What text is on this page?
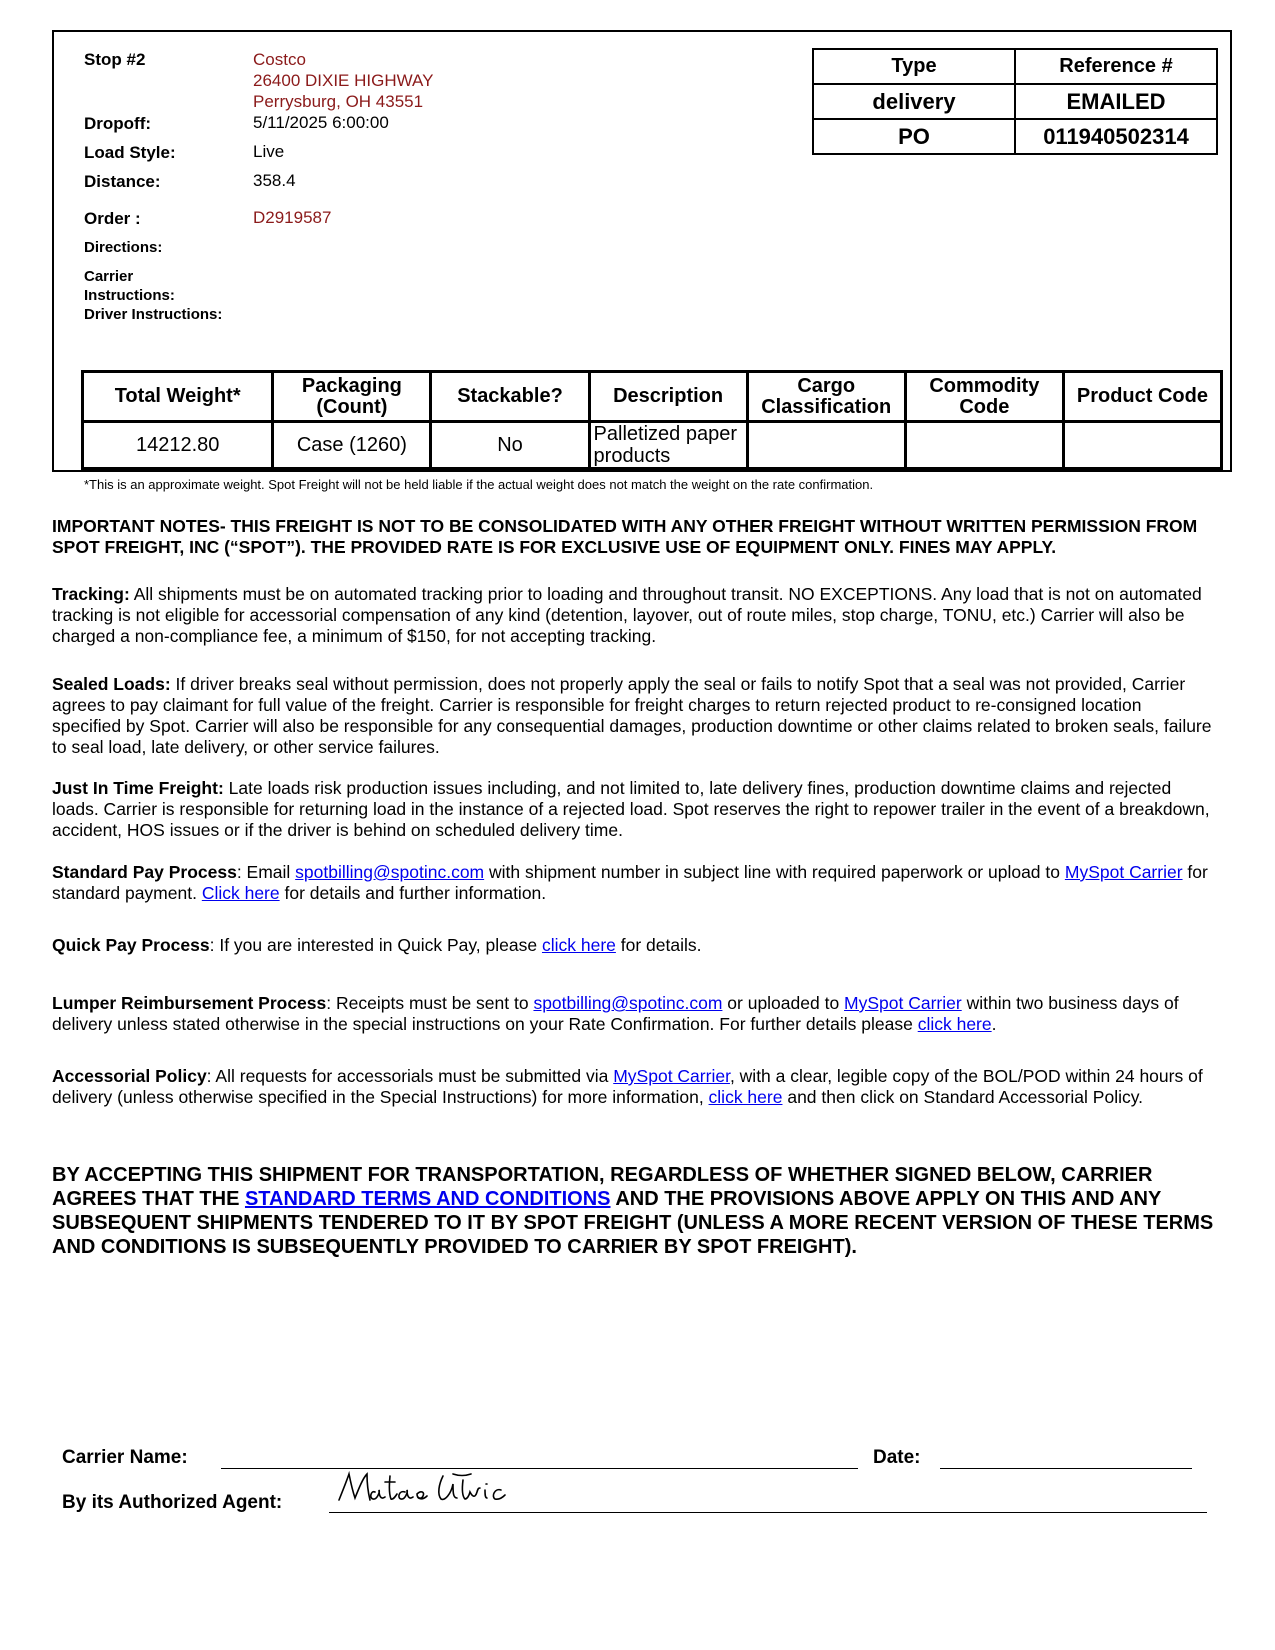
Stop #2	Costco
26400 DIXIE HIGHWAY
Perrysburg, OH 43551
Dropoff:	5/11/2025 6:00:00
Load Style:	Live
Distance:	358.4
Order :	D2919587
Directions:
Carrier
Instructions:
Driver Instructions:
Type	Reference #
delivery	EMAILED
PO	011940502314
Total Weight*	Packaging (Count)	Stackable?	Description	Cargo Classification	Commodity Code	Product Code
14212.80	Case (1260)	No	Palletized paper products			
*This is an approximate weight. Spot Freight will not be held liable if the actual weight does not match the weight on the rate confirmation.
IMPORTANT NOTES- THIS FREIGHT IS NOT TO BE CONSOLIDATED WITH ANY OTHER FREIGHT WITHOUT WRITTEN PERMISSION FROM SPOT FREIGHT, INC (“SPOT”). THE PROVIDED RATE IS FOR EXCLUSIVE USE OF EQUIPMENT ONLY. FINES MAY APPLY.
Tracking: All shipments must be on automated tracking prior to loading and throughout transit. NO EXCEPTIONS. Any load that is not on automated tracking is not eligible for accessorial compensation of any kind (detention, layover, out of route miles, stop charge, TONU, etc.) Carrier will also be charged a non-compliance fee, a minimum of $150, for not accepting tracking.
Sealed Loads: If driver breaks seal without permission, does not properly apply the seal or fails to notify Spot that a seal was not provided, Carrier agrees to pay claimant for full value of the freight. Carrier is responsible for freight charges to return rejected product to re-consigned location specified by Spot. Carrier will also be responsible for any consequential damages, production downtime or other claims related to broken seals, failure to seal load, late delivery, or other service failures.
Just In Time Freight: Late loads risk production issues including, and not limited to, late delivery fines, production downtime claims and rejected loads. Carrier is responsible for returning load in the instance of a rejected load. Spot reserves the right to repower trailer in the event of a breakdown, accident, HOS issues or if the driver is behind on scheduled delivery time.
Standard Pay Process: Email spotbilling@spotinc.com with shipment number in subject line with required paperwork or upload to MySpot Carrier for standard payment. Click here for details and further information.
Quick Pay Process: If you are interested in Quick Pay, please click here for details.
Lumper Reimbursement Process: Receipts must be sent to spotbilling@spotinc.com or uploaded to MySpot Carrier within two business days of delivery unless stated otherwise in the special instructions on your Rate Confirmation. For further details please click here.
Accessorial Policy: All requests for accessorials must be submitted via MySpot Carrier, with a clear, legible copy of the BOL/POD within 24 hours of delivery (unless otherwise specified in the Special Instructions) for more information, click here and then click on Standard Accessorial Policy.
BY ACCEPTING THIS SHIPMENT FOR TRANSPORTATION, REGARDLESS OF WHETHER SIGNED BELOW, CARRIER AGREES THAT THE STANDARD TERMS AND CONDITIONS AND THE PROVISIONS ABOVE APPLY ON THIS AND ANY SUBSEQUENT SHIPMENTS TENDERED TO IT BY SPOT FREIGHT (UNLESS A MORE RECENT VERSION OF THESE TERMS AND CONDITIONS IS SUBSEQUENTLY PROVIDED TO CARRIER BY SPOT FREIGHT).
Carrier Name:	Date:
By its Authorized Agent:
